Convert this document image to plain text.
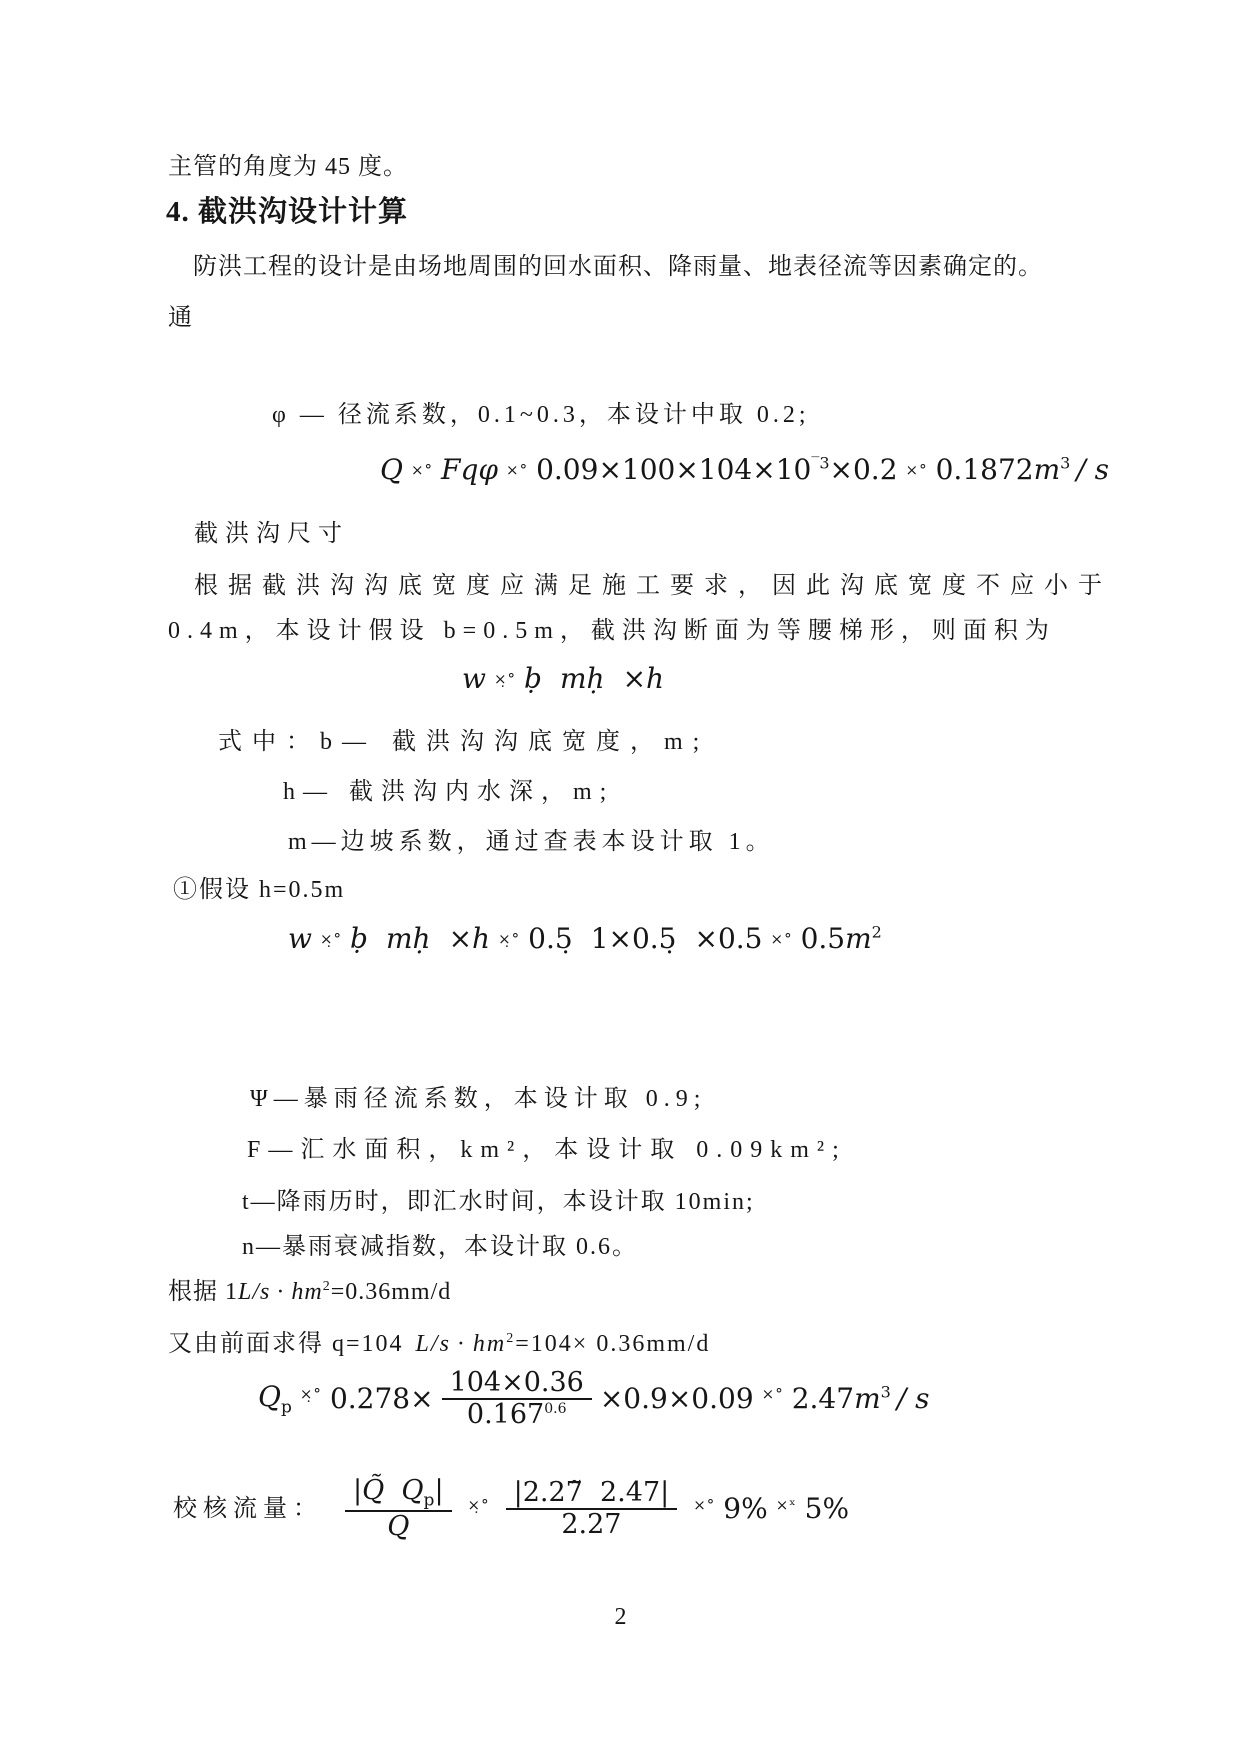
主管的角度为 45 度。
4. 截洪沟设计计算
防洪工程的设计是由场地周围的回水面积、降雨量、地表径流等因素确定的。
通
φ — 径流系数，0.1~0.3，本设计中取 0.2;
Q ×° Fqφ ×° $0.09\times 100\times 104\times 10^{‾3}\times 0.2$ ×° $0.1872m^3$ / s
截洪沟尺寸
根据截洪沟沟底宽度应满足施工要求，因此沟底宽度不应小于
0.4m，本设计假设 b=0.5m，截洪沟断面为等腰梯形，则面积为
w ×̣° ḅ mḥ ×h
式中：b— 截洪沟沟底宽度，m;
h— 截洪沟内水深，m;
m—边坡系数，通过查表本设计取 1。
①假设 h=0.5m
w ×̣° ḅ mḥ ×h ×̣° 0.5̣ 1×0.5̣ ×0.5 ×° $0.5m^2$
Ψ—暴雨径流系数，本设计取 0.9;
F—汇水面积，km²，本设计取 0.09km²;
t—降雨历时，即汇水时间，本设计取 10min;
n—暴雨衰减指数，本设计取 0.6。
根据 $1L/s \cdot hm^2=0.36mm/d$
又由前面求得 q=104 $L/s \cdot hm^2=104\times 0.36mm/d$
$Q_p$
×̣° $0.278\times \frac{104\times 0.36}{0.167^{0.6}} \times 0.9\times 0.09$ ×° $2.47m^3$ / s
校核流量： $\frac{|Q̃ Q_p|}{Q}$ ×̣° $\frac{|2.27̃ 2.47|}{2.27}$ ×° 9% ×ˣ 5%
2
